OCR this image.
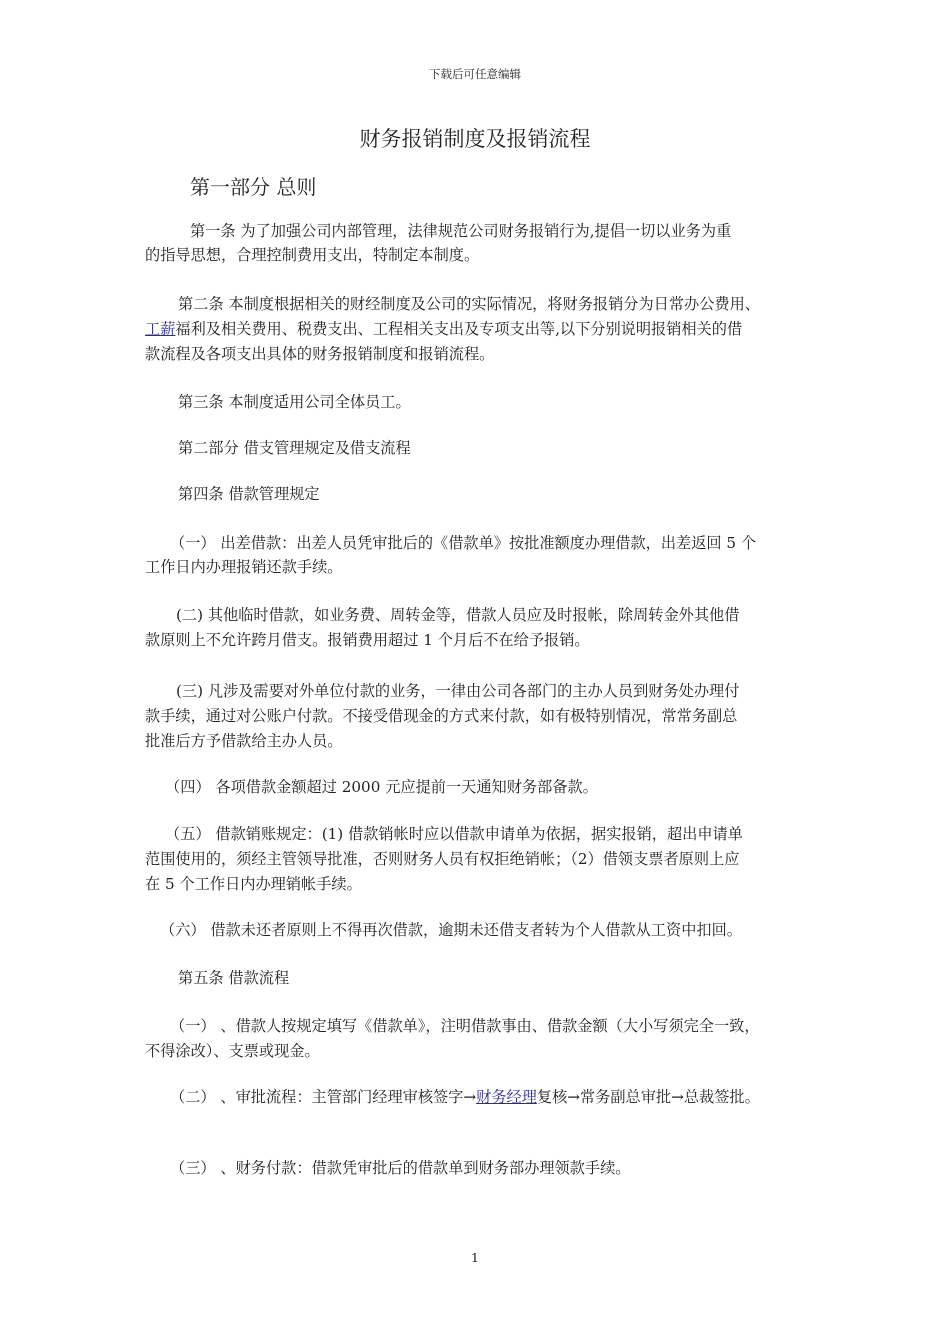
下载后可任意编辑
财务报销制度及报销流程
第一部分 总则
第一条 为了加强公司内部管理，法律规范公司财务报销行为,提倡一切以业务为重
的指导思想，合理控制费用支出，特制定本制度。
第二条 本制度根据相关的财经制度及公司的实际情况，将财务报销分为日常办公费用、
工薪福利及相关费用、税费支出、工程相关支出及专项支出等,以下分别说明报销相关的借
款流程及各项支出具体的财务报销制度和报销流程。
第三条 本制度适用公司全体员工。
第二部分 借支管理规定及借支流程
第四条 借款管理规定
（一） 出差借款：出差人员凭审批后的《借款单》按批准额度办理借款，出差返回 5 个
工作日内办理报销还款手续。
(二) 其他临时借款，如业务费、周转金等，借款人员应及时报帐，除周转金外其他借
款原则上不允许跨月借支。报销费用超过 1 个月后不在给予报销。
(三) 凡涉及需要对外单位付款的业务，一律由公司各部门的主办人员到财务处办理付
款手续，通过对公账户付款。不接受借现金的方式来付款，如有极特别情况，常常务副总
批准后方予借款给主办人员。
（四） 各项借款金额超过 2000 元应提前一天通知财务部备款。
（五） 借款销账规定：(1) 借款销帐时应以借款申请单为依据，据实报销，超出申请单
范围使用的，须经主管领导批准，否则财务人员有权拒绝销帐；（2）借领支票者原则上应
在 5 个工作日内办理销帐手续。
（六） 借款未还者原则上不得再次借款，逾期未还借支者转为个人借款从工资中扣回。
第五条 借款流程
（一） 、借款人按规定填写《借款单》，注明借款事由、借款金额（大小写须完全一致，
不得涂改）、支票或现金。
（二） 、审批流程：主管部门经理审核签字→财务经理复核→常务副总审批→总裁签批。
（三） 、财务付款：借款凭审批后的借款单到财务部办理领款手续。
1
